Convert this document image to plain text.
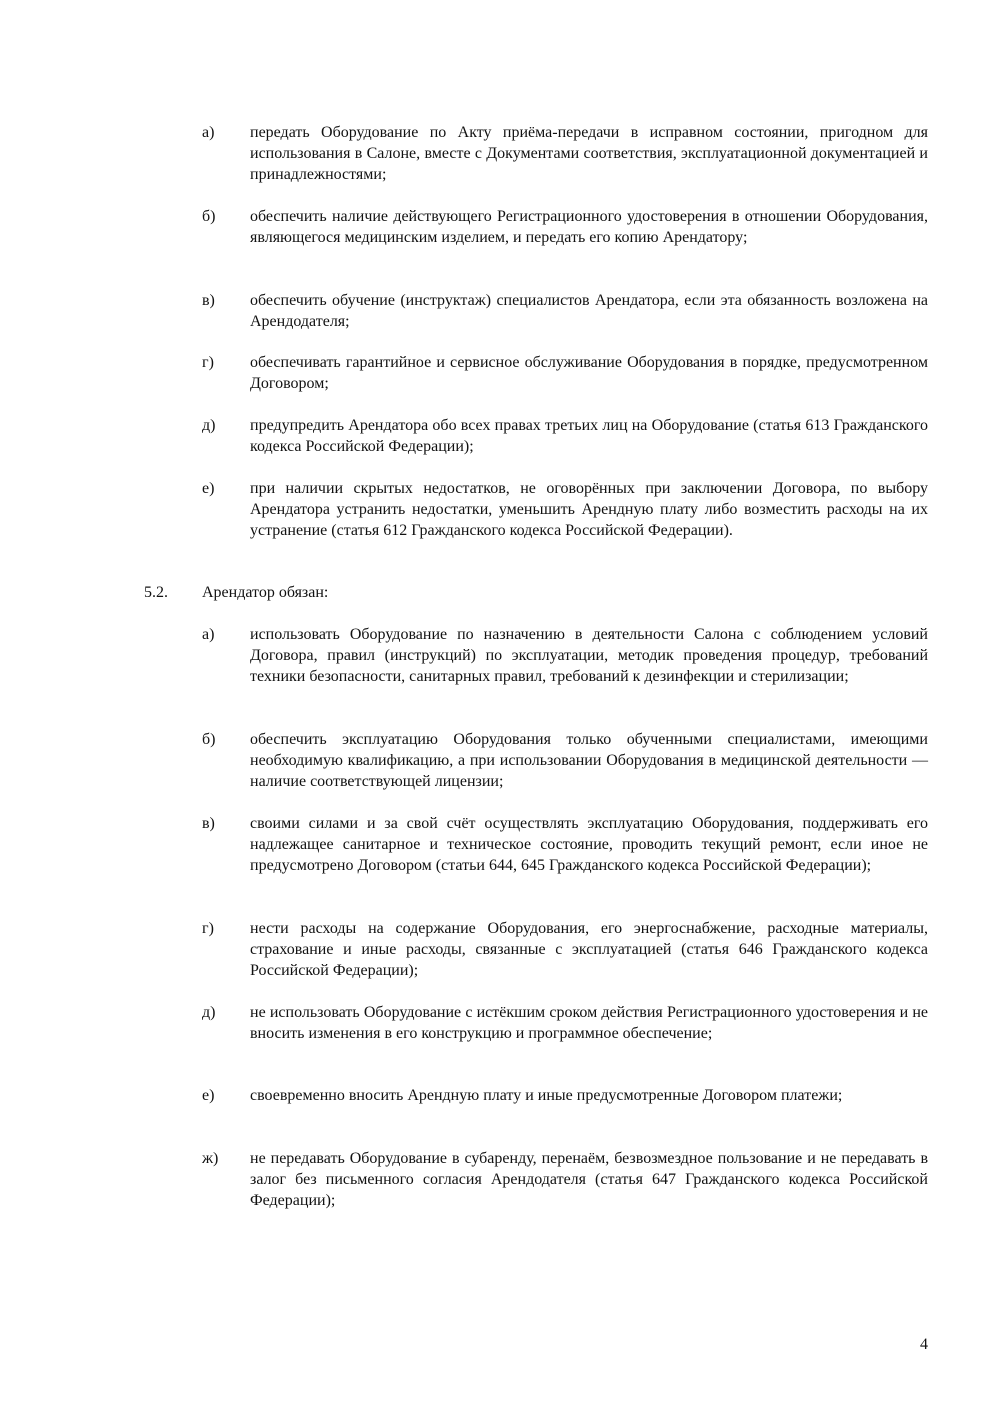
а) передать Оборудование по Акту приёма-передачи в исправном состоянии, пригодном для использования в Салоне, вместе с Документами соответствия, эксплуатационной документацией и принадлежностями;
б) обеспечить наличие действующего Регистрационного удостоверения в отношении Оборудования, являющегося медицинским изделием, и передать его копию Арендатору;
в) обеспечить обучение (инструктаж) специалистов Арендатора, если эта обязанность возложена на Арендодателя;
г) обеспечивать гарантийное и сервисное обслуживание Оборудования в порядке, предусмотренном Договором;
д) предупредить Арендатора обо всех правах третьих лиц на Оборудование (статья 613 Гражданского кодекса Российской Федерации);
е) при наличии скрытых недостатков, не оговорённых при заключении Договора, по выбору Арендатора устранить недостатки, уменьшить Арендную плату либо возместить расходы на их устранение (статья 612 Гражданского кодекса Российской Федерации).
5.2. Арендатор обязан:
а) использовать Оборудование по назначению в деятельности Салона с соблюдением условий Договора, правил (инструкций) по эксплуатации, методик проведения процедур, требований техники безопасности, санитарных правил, требований к дезинфекции и стерилизации;
б) обеспечить эксплуатацию Оборудования только обученными специалистами, имеющими необходимую квалификацию, а при использовании Оборудования в медицинской деятельности — наличие соответствующей лицензии;
в) своими силами и за свой счёт осуществлять эксплуатацию Оборудования, поддерживать его надлежащее санитарное и техническое состояние, проводить текущий ремонт, если иное не предусмотрено Договором (статьи 644, 645 Гражданского кодекса Российской Федерации);
г) нести расходы на содержание Оборудования, его энергоснабжение, расходные материалы, страхование и иные расходы, связанные с эксплуатацией (статья 646 Гражданского кодекса Российской Федерации);
д) не использовать Оборудование с истёкшим сроком действия Регистрационного удостоверения и не вносить изменения в его конструкцию и программное обеспечение;
е) своевременно вносить Арендную плату и иные предусмотренные Договором платежи;
ж) не передавать Оборудование в субаренду, перенаём, безвозмездное пользование и не передавать в залог без письменного согласия Арендодателя (статья 647 Гражданского кодекса Российской Федерации);
4
